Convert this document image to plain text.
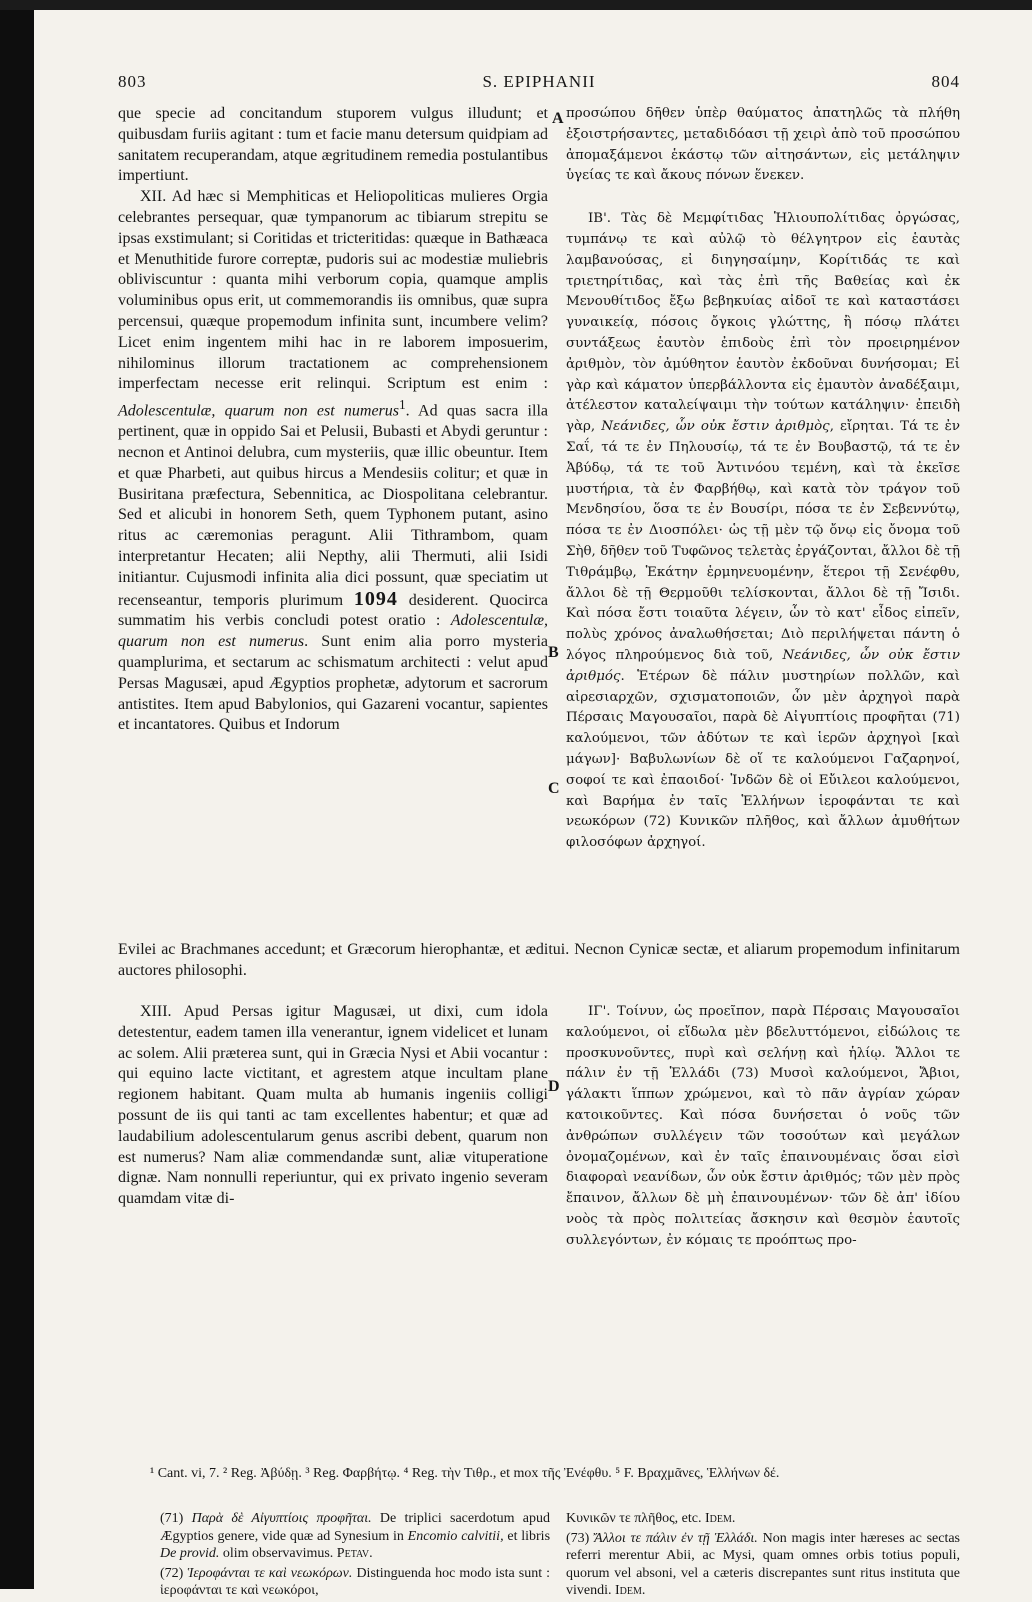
803	S. EPIPHANII	804
A
B
C
D

que specie ad concitandum stuporem vulgus illudunt; et quibusdam furiis agitant : tum et facie manu detersum quidpiam ad sanitatem recuperandam, atque ægritudinem remedia postulantibus impertiunt.

XII. Ad hæc si Memphiticas et Heliopoliticas mulieres Orgia celebrantes persequar, quæ tympanorum ac tibiarum strepitu se ipsas exstimulant; si Coritidas et tricteritidas: quæque in Bathæaca et Menuthitide furore correptæ, pudoris sui ac modestiæ muliebris obliviscuntur : quanta mihi verborum copia, quamque amplis voluminibus opus erit, ut commemorandis iis omnibus, quæ supra percensui, quæque propemodum infinita sunt, incumbere velim? Licet enim ingentem mihi hac in re laborem imposuerim, nihilominus illorum tractationem ac comprehensionem imperfectam necesse erit relinqui. Scriptum est enim : Adolescentulæ, quarum non est numerus$^1$. Ad quas sacra illa pertinent, quæ in oppido Sai et Pelusii, Bubasti et Abydi geruntur : necnon et Antinoi delubra, cum mysteriis, quæ illic obeuntur. Item et quæ Pharbeti, aut quibus hircus a Mendesiis colitur; et quæ in Busiritana præfectura, Sebennitica, ac Diospolitana celebrantur. Sed et alicubi in honorem Seth, quem Typhonem putant, asino ritus ac cæremonias peragunt. Alii Tithrambom, quam interpretantur Hecaten; alii Nepthy, alii Thermuti, alii Isidi initiantur. Cujusmodi infinita alia dici possunt, quæ speciatim ut recenseantur, temporis plurimum 1094 desiderent. Quocirca summatim his verbis concludi potest oratio : Adolescentulæ, quarum non est numerus. Sunt enim alia porro mysteria quamplurima, et sectarum ac schismatum architecti : velut apud Persas Magusæi, apud Ægyptios prophetæ, adytorum et sacrorum antistites. Item apud Babylonios, qui Gazareni vocantur, sapientes et incantatores. Quibus et Indorum

προσώπου δῆθεν ὑπὲρ θαύματος ἀπατηλῶς τὰ πλήθη ἐξοιστρήσαντες, μεταδιδόασι τῇ χειρὶ ἀπὸ τοῦ προσώπου ἀπομαξάμενοι ἑκάστῳ τῶν αἰτησάντων, εἰς μετάληψιν ὑγείας τε καὶ ἄκους πόνων ἕνεκεν.

ΙΒ'. Τὰς δὲ Μεμφίτιδας Ἡλιουπολίτιδας ὀργώσας, τυμπάνῳ τε καὶ αὐλῷ τὸ θέλγητρον εἰς ἑαυτὰς λαμβανούσας, εἰ διηγησαίμην, Κορίτιδάς τε καὶ τριετηρίτιδας, καὶ τὰς ἐπὶ τῆς Βαθείας καὶ ἐκ Μενουθίτιδος ἔξω βεβηκυίας αἰδοῖ τε καὶ καταστάσει γυναικείᾳ, πόσοις ὄγκοις γλώττης, ἢ πόσῳ πλάτει συντάξεως ἑαυτὸν ἐπιδοὺς ἐπὶ τὸν προειρημένον ἀριθμὸν, τὸν ἀμύθητον ἑαυτὸν ἐκδοῦναι δυνήσομαι; Εἰ γὰρ καὶ κάματον ὑπερβάλλοντα εἰς ἐμαυτὸν ἀναδέξαιμι, ἀτέλεστον καταλείψαιμι τὴν τούτων κατάληψιν· ἐπειδὴ γὰρ, Νεάνιδες, ὧν οὐκ ἔστιν ἀριθμὸς, εἴρηται. Τά τε ἐν Σαΐ, τά τε ἐν Πηλουσίῳ, τά τε ἐν Βουβαστῷ, τά τε ἐν Ἀβύδῳ, τά τε τοῦ Ἀντινόου τεμένη, καὶ τὰ ἐκεῖσε μυστήρια, τὰ ἐν Φαρβήθῳ, καὶ κατὰ τὸν τράγον τοῦ Μενδησίου, ὅσα τε ἐν Βουσίρι, πόσα τε ἐν Σεβεννύτῳ, πόσα τε ἐν Διοσπόλει· ὡς τῇ μὲν τῷ ὄνῳ εἰς ὄνομα τοῦ Σὴθ, δῆθεν τοῦ Τυφῶνος τελετὰς ἐργάζονται, ἄλλοι δὲ τῇ Τιθράμβῳ, Ἑκάτην ἑρμηνευομένην, ἕτεροι τῇ Σενέφθυ, ἄλλοι δὲ τῇ Θερμοῦθι τελίσκονται, ἄλλοι δὲ τῇ Ἴσιδι. Καὶ πόσα ἔστι τοιαῦτα λέγειν, ὧν τὸ κατ' εἶδος εἰπεῖν, πολὺς χρόνος ἀναλωθήσεται; Διὸ περιλήψεται πάντη ὁ λόγος πληρούμενος διὰ τοῦ, Νεάνιδες, ὧν οὐκ ἔστιν ἀριθμός. Ἑτέρων δὲ πάλιν μυστηρίων πολλῶν, καὶ αἱρεσιαρχῶν, σχισματοποιῶν, ὧν μὲν ἀρχηγοὶ παρὰ Πέρσαις Μαγουσαῖοι, παρὰ δὲ Αἰγυπτίοις προφῆται (71) καλούμενοι, τῶν ἀδύτων τε καὶ ἱερῶν ἀρχηγοὶ [καὶ μάγων]· Βαβυλωνίων δὲ οἵ τε καλούμενοι Γαζαρηνοί, σοφοί τε καὶ ἐπαοιδοί· Ἰνδῶν δὲ οἱ Εὔιλεοι καλούμενοι, καὶ Βαρήμα ἐν ταῖς Ἑλλήνων ἱεροφάνται τε καὶ νεωκόρων (72) Κυνικῶν πλῆθος, καὶ ἄλλων ἀμυθήτων φιλοσόφων ἀρχηγοί.

Evilei ac Brachmanes accedunt; et Græcorum hierophantæ, et æditui. Necnon Cynicæ sectæ, et aliarum propemodum infinitarum auctores philosophi.

XIII. Apud Persas igitur Magusæi, ut dixi, cum idola detestentur, eadem tamen illa venerantur, ignem videlicet et lunam ac solem. Alii præterea sunt, qui in Græcia Nysi et Abii vocantur : qui equino lacte victitant, et agrestem atque incultam plane regionem habitant. Quam multa ab humanis ingeniis colligi possunt de iis qui tanti ac tam excellentes habentur; et quæ ad laudabilium adolescentularum genus ascribi debent, quarum non est numerus? Nam aliæ commendandæ sunt, aliæ vituperatione dignæ. Nam nonnulli reperiuntur, qui ex privato ingenio severam quamdam vitæ di-

ΙΓ'. Τοίνυν, ὡς προεῖπον, παρὰ Πέρσαις Μαγουσαῖοι καλούμενοι, οἱ εἴδωλα μὲν βδελυττόμενοι, εἰδώλοις τε προσκυνοῦντες, πυρὶ καὶ σελήνῃ καὶ ἡλίῳ. Ἄλλοι τε πάλιν ἐν τῇ Ἑλλάδι (73) Μυσοὶ καλούμενοι, Ἄβιοι, γάλακτι ἵππων χρώμενοι, καὶ τὸ πᾶν ἀγρίαν χώραν κατοικοῦντες. Καὶ πόσα δυνήσεται ὁ νοῦς τῶν ἀνθρώπων συλλέγειν τῶν τοσούτων καὶ μεγάλων ὀνομαζομένων, καὶ ἐν ταῖς ἐπαινουμέναις ὅσαι εἰσὶ διαφοραὶ νεανίδων, ὧν οὐκ ἔστιν ἀριθμός; τῶν μὲν πρὸς ἔπαινον, ἄλλων δὲ μὴ ἐπαινουμένων· τῶν δὲ ἀπ' ἰδίου νοὸς τὰ πρὸς πολιτείας ἄσκησιν καὶ θεσμὸν ἑαυτοῖς συλλεγόντων, ἐν κόμαις τε προόπτως προ-

¹ Cant. vi, 7. ² Reg. Ἀβύδῃ. ³ Reg. Φαρβήτῳ. ⁴ Reg. τὴν Τιθρ., et mox τῆς Ἐνέφθυ. ⁵ F. Βραχμᾶνες, Ἑλλήνων δέ.

(71) Παρὰ δὲ Αἰγυπτίοις προφῆται. De triplici sacerdotum apud Ægyptios genere, vide quæ ad Synesium in Encomio calvitii, et libris De provid. olim observavimus. Petav.

(72) Ἱεροφάνται τε καὶ νεωκόρων. Distinguenda hoc modo ista sunt : ἱεροφάνται τε καὶ νεωκόροι,

Κυνικῶν τε πλῆθος, etc. Idem.

(73) Ἄλλοι τε πάλιν ἐν τῇ Ἑλλάδι. Non magis inter hæreses ac sectas referri merentur Abii, ac Mysi, quam omnes orbis totius populi, quorum vel absoni, vel a cæteris discrepantes sunt ritus instituta que vivendi. Idem.
